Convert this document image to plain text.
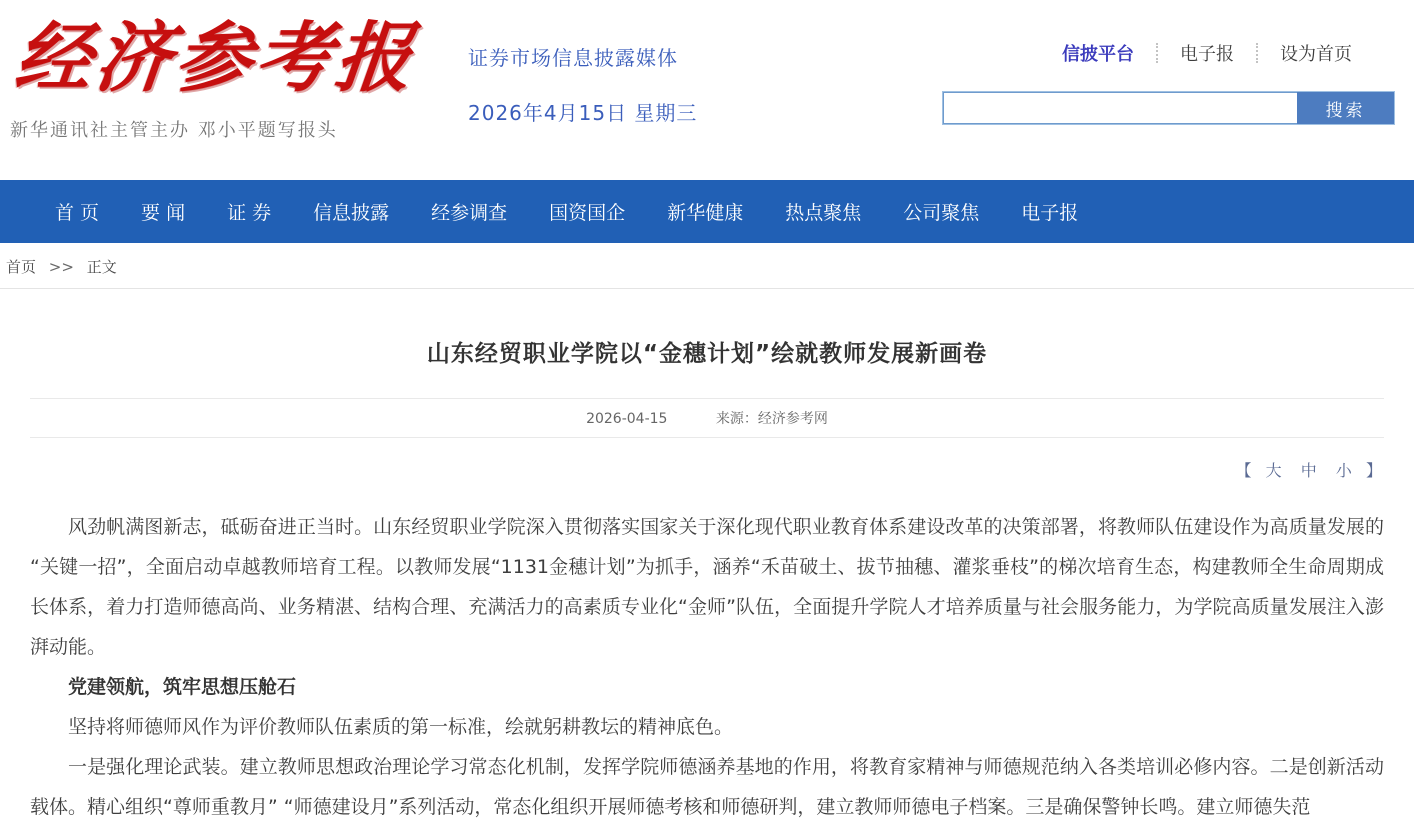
经济参考报
新华通讯社主管主办 邓小平题写报头
证券市场信息披露媒体
2026年4月15日 星期三
信披平台	电子报	设为首页
搜索
首 页 要 闻 证 券 信息披露 经参调查 国资国企 新华健康 热点聚焦 公司聚焦 电子报
首页 >> 正文
山东经贸职业学院以“金穗计划”绘就教师发展新画卷
2026-04-15	来源：经济参考网
【 大 中 小 】

风劲帆满图新志，砥砺奋进正当时。山东经贸职业学院深入贯彻落实国家关于深化现代职业教育体系建设改革的决策部署，将教师队伍建设作为高质量发展的“关键一招”，全面启动卓越教师培育工程。以教师发展“1131金穗计划”为抓手，涵养“禾苗破土、拔节抽穗、灌浆垂枝”的梯次培育生态，构建教师全生命周期成长体系，着力打造师德高尚、业务精湛、结构合理、充满活力的高素质专业化“金师”队伍，全面提升学院人才培养质量与社会服务能力，为学院高质量发展注入澎湃动能。

党建领航，筑牢思想压舱石

坚持将师德师风作为评价教师队伍素质的第一标准，绘就躬耕教坛的精神底色。

一是强化理论武装。建立教师思想政治理论学习常态化机制，发挥学院师德涵养基地的作用，将教育家精神与师德规范纳入各类培训必修内容。二是创新活动载体。精心组织“尊师重教月” “师德建设月”系列活动，常态化组织开展师德考核和师德研判，建立教师师德电子档案。三是确保警钟长鸣。建立师德失范
